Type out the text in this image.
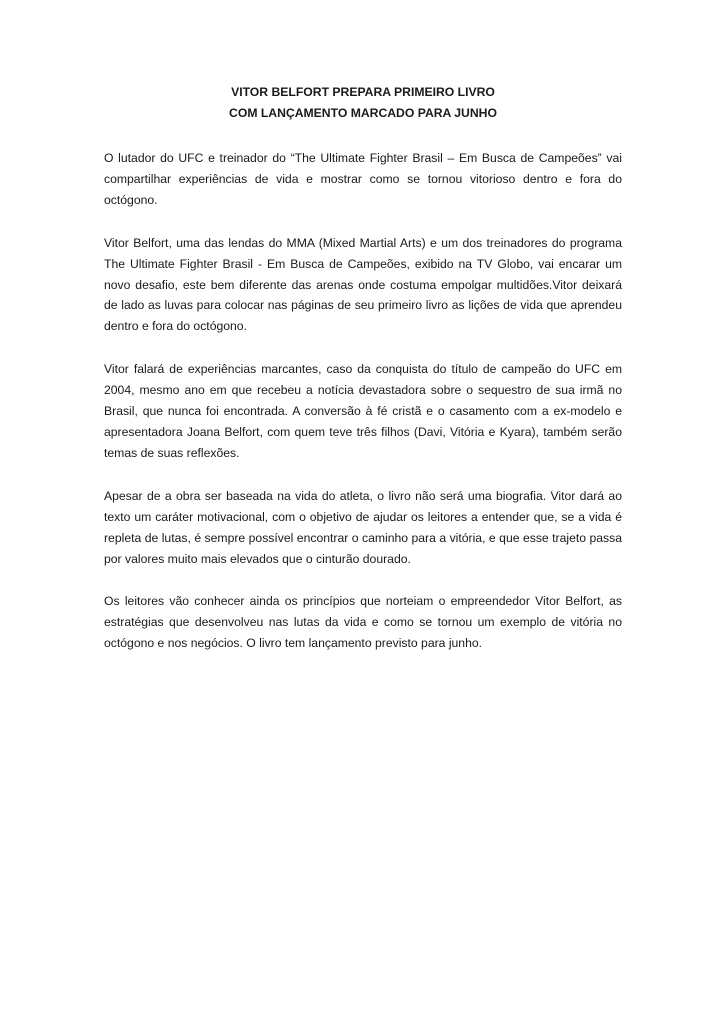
VITOR BELFORT PREPARA PRIMEIRO LIVRO
COM LANÇAMENTO MARCADO PARA JUNHO

O lutador do UFC e treinador do “The Ultimate Fighter Brasil – Em Busca de Campeões” vai compartilhar experiências de vida e mostrar como se tornou vitorioso dentro e fora do octógono.

Vitor Belfort, uma das lendas do MMA (Mixed Martial Arts) e um dos treinadores do programa The Ultimate Fighter Brasil - Em Busca de Campeões, exibido na TV Globo, vai encarar um novo desafio, este bem diferente das arenas onde costuma empolgar multidões.Vitor deixará de lado as luvas para colocar nas páginas de seu primeiro livro as lições de vida que aprendeu dentro e fora do octógono.

Vitor falará de experiências marcantes, caso da conquista do título de campeão do UFC em 2004, mesmo ano em que recebeu a notícia devastadora sobre o sequestro de sua irmã no Brasil, que nunca foi encontrada. A conversão à fé cristã e o casamento com a ex-modelo e apresentadora Joana Belfort, com quem teve três filhos (Davi, Vitória e Kyara), também serão temas de suas reflexões.

Apesar de a obra ser baseada na vida do atleta, o livro não será uma biografia. Vitor dará ao texto um caráter motivacional, com o objetivo de ajudar os leitores a entender que, se a vida é repleta de lutas, é sempre possível encontrar o caminho para a vitória, e que esse trajeto passa por valores muito mais elevados que o cinturão dourado.

Os leitores vão conhecer ainda os princípios que norteiam o empreendedor Vitor Belfort, as estratégias que desenvolveu nas lutas da vida e como se tornou um exemplo de vitória no octógono e nos negócios. O livro tem lançamento previsto para junho.
